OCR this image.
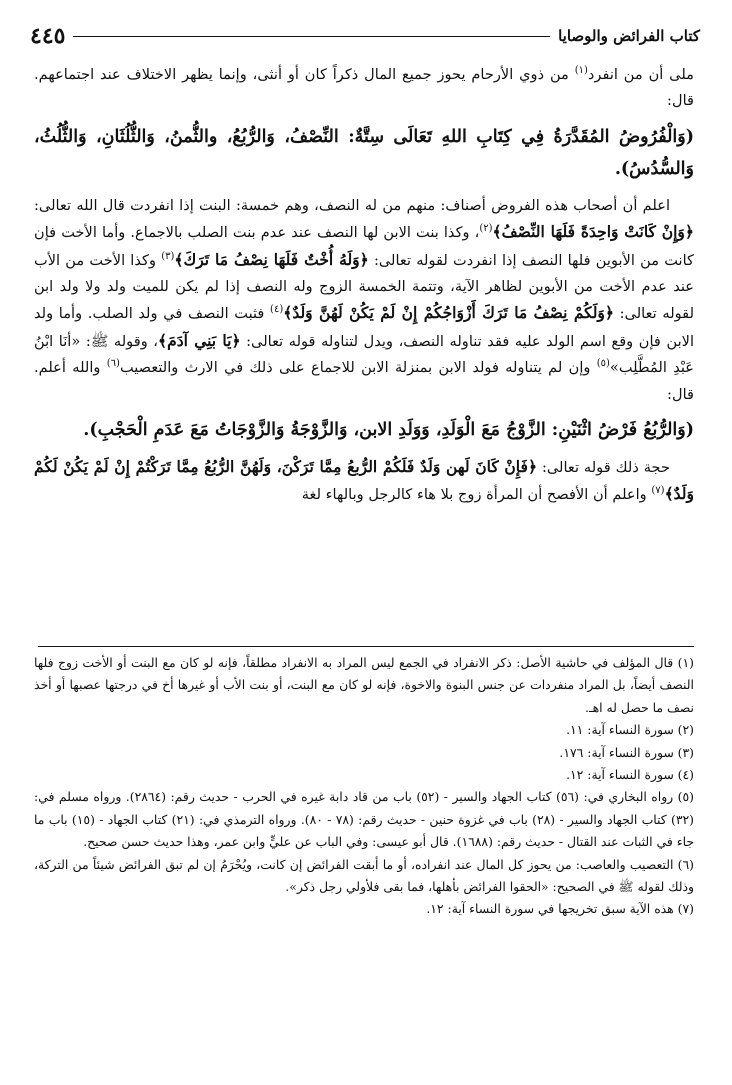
كتاب الفرائض والوصايا
٤٤٥

ملى أن من انفرد$^{(١)}$ من ذوي الأرحام يحوز جميع المال ذكراً كان أو أنثى، وإنما يظهر الاختلاف عند اجتماعهم. قال:

(وَالْفُرُوضُ المُقَدَّرَةُ فِي كِتَابِ اللهِ تَعَالَى سِتَّةٌ: النِّصْفُ، وَالرُّبُعُ، والثُّمنُ، وَالثُّلُثَانِ، وَالثُّلُثُ، وَالسُّدُسُ).

اعلم أن أصحاب هذه الفروض أصناف: منهم من له النصف، وهم خمسة: البنت إذا انفردت قال الله تعالى: ﴿وَإِنْ كَانَتْ وَاحِدَةً فَلَهَا النِّصْفُ﴾$^{(٢)}$، وكذا بنت الابن لها النصف عند عدم بنت الصلب بالاجماع. وأما الأخت فإن كانت من الأبوين فلها النصف إذا انفردت لقوله تعالى: ﴿وَلَهُ أُخْتٌ فَلَهَا نِصْفُ مَا تَرَكَ﴾$^{(٣)}$ وكذا الأخت من الأب عند عدم الأخت من الأبوين لظاهر الآية، وتتمة الخمسة الزوج وله النصف إذا لم يكن للميت ولد ولا ولد ابن لقوله تعالى: ﴿وَلَكُمْ نِصْفُ مَا تَرَكَ أَزْوَاجُكُمْ إِنْ لَمْ يَكُنْ لَهُنَّ وَلَدٌ﴾$^{(٤)}$ فثبت النصف في ولد الصلب. وأما ولد الابن فإن وقع اسم الولد عليه فقد تناوله النصف، ويدل لتناوله قوله تعالى: ﴿يَا بَنِي آدَمَ﴾، وقوله ﷺ: «أنَا ابْنُ عَبْدِ المُطَّلِب»$^{(٥)}$ وإن لم يتناوله فولد الابن بمنزلة الابن للاجماع على ذلك في الارث والتعصيب$^{(٦)}$ والله أعلم. قال:

(وَالرُّبُعُ فَرْضُ اثْنَيْنِ: الزَّوْجُ مَعَ الْوَلَدِ، وَوَلَدِ الابن، وَالزَّوْجَةُ وَالزَّوْجَاتُ مَعَ عَدَمِ الْحَجْبِ).

حجة ذلك قوله تعالى: ﴿فَإِنْ كَانَ لَهن وَلَدٌ فَلَكُمْ الرُّبعُ مِمَّا تَرَكْنَ، وَلَهُنَّ الرُّبُعُ مِمَّا تَرَكْتُمْ إِنْ لَمْ يَكُنْ لَكُمْ وَلَدٌ﴾$^{(٧)}$ واعلم أن الأفصح أن المرأة زوج بلا هاء كالرجل وبالهاء لغة

(١) قال المؤلف في حاشية الأصل: ذكر الانفراد في الجمع ليس المراد به الانفراد مطلقاً، فإنه لو كان مع البنت أو الأخت زوج فلها النصف أيضاً، بل المراد منفردات عن جنس البنوة والاخوة، فإنه لو كان مع البنت، أو بنت الأب أو غيرها أخ في درجتها عصبها أو أخذ نصف ما حصل له اهـ.

(٢) سورة النساء آية: ١١.

(٣) سورة النساء آية: ١٧٦.

(٤) سورة النساء آية: ١٢.

(٥) رواه البخاري في: (٥٦) كتاب الجهاد والسير - (٥٢) باب من قاد دابة غيره في الحرب - حديث رقم: (٢٨٦٤). ورواه مسلم في: (٣٢) كتاب الجهاد والسير - (٢٨) باب في غزوة حنين - حديث رقم: (٧٨ - ٨٠). ورواه الترمذي في: (٢١) كتاب الجهاد - (١٥) باب ما جاء في الثبات عند القتال - حديث رقم: (١٦٨٨). قال أبو عيسى: وفي الباب عن عليٍّ وابن عمر، وهذا حديث حسن صحيح.

(٦) التعصيب والعاصب: من يحوز كل المال عند انفراده، أو ما أبقت الفرائض إن كانت، ويُحْرَمُ إن لم تبق الفرائض شيئاً من التركة، وذلك لقوله ﷺ في الصحيح: «الحقوا الفرائض بأهلها، فما بقى فلأولي رجل ذكر».

(٧) هذه الآية سبق تخريجها في سورة النساء آية: ١٢.
